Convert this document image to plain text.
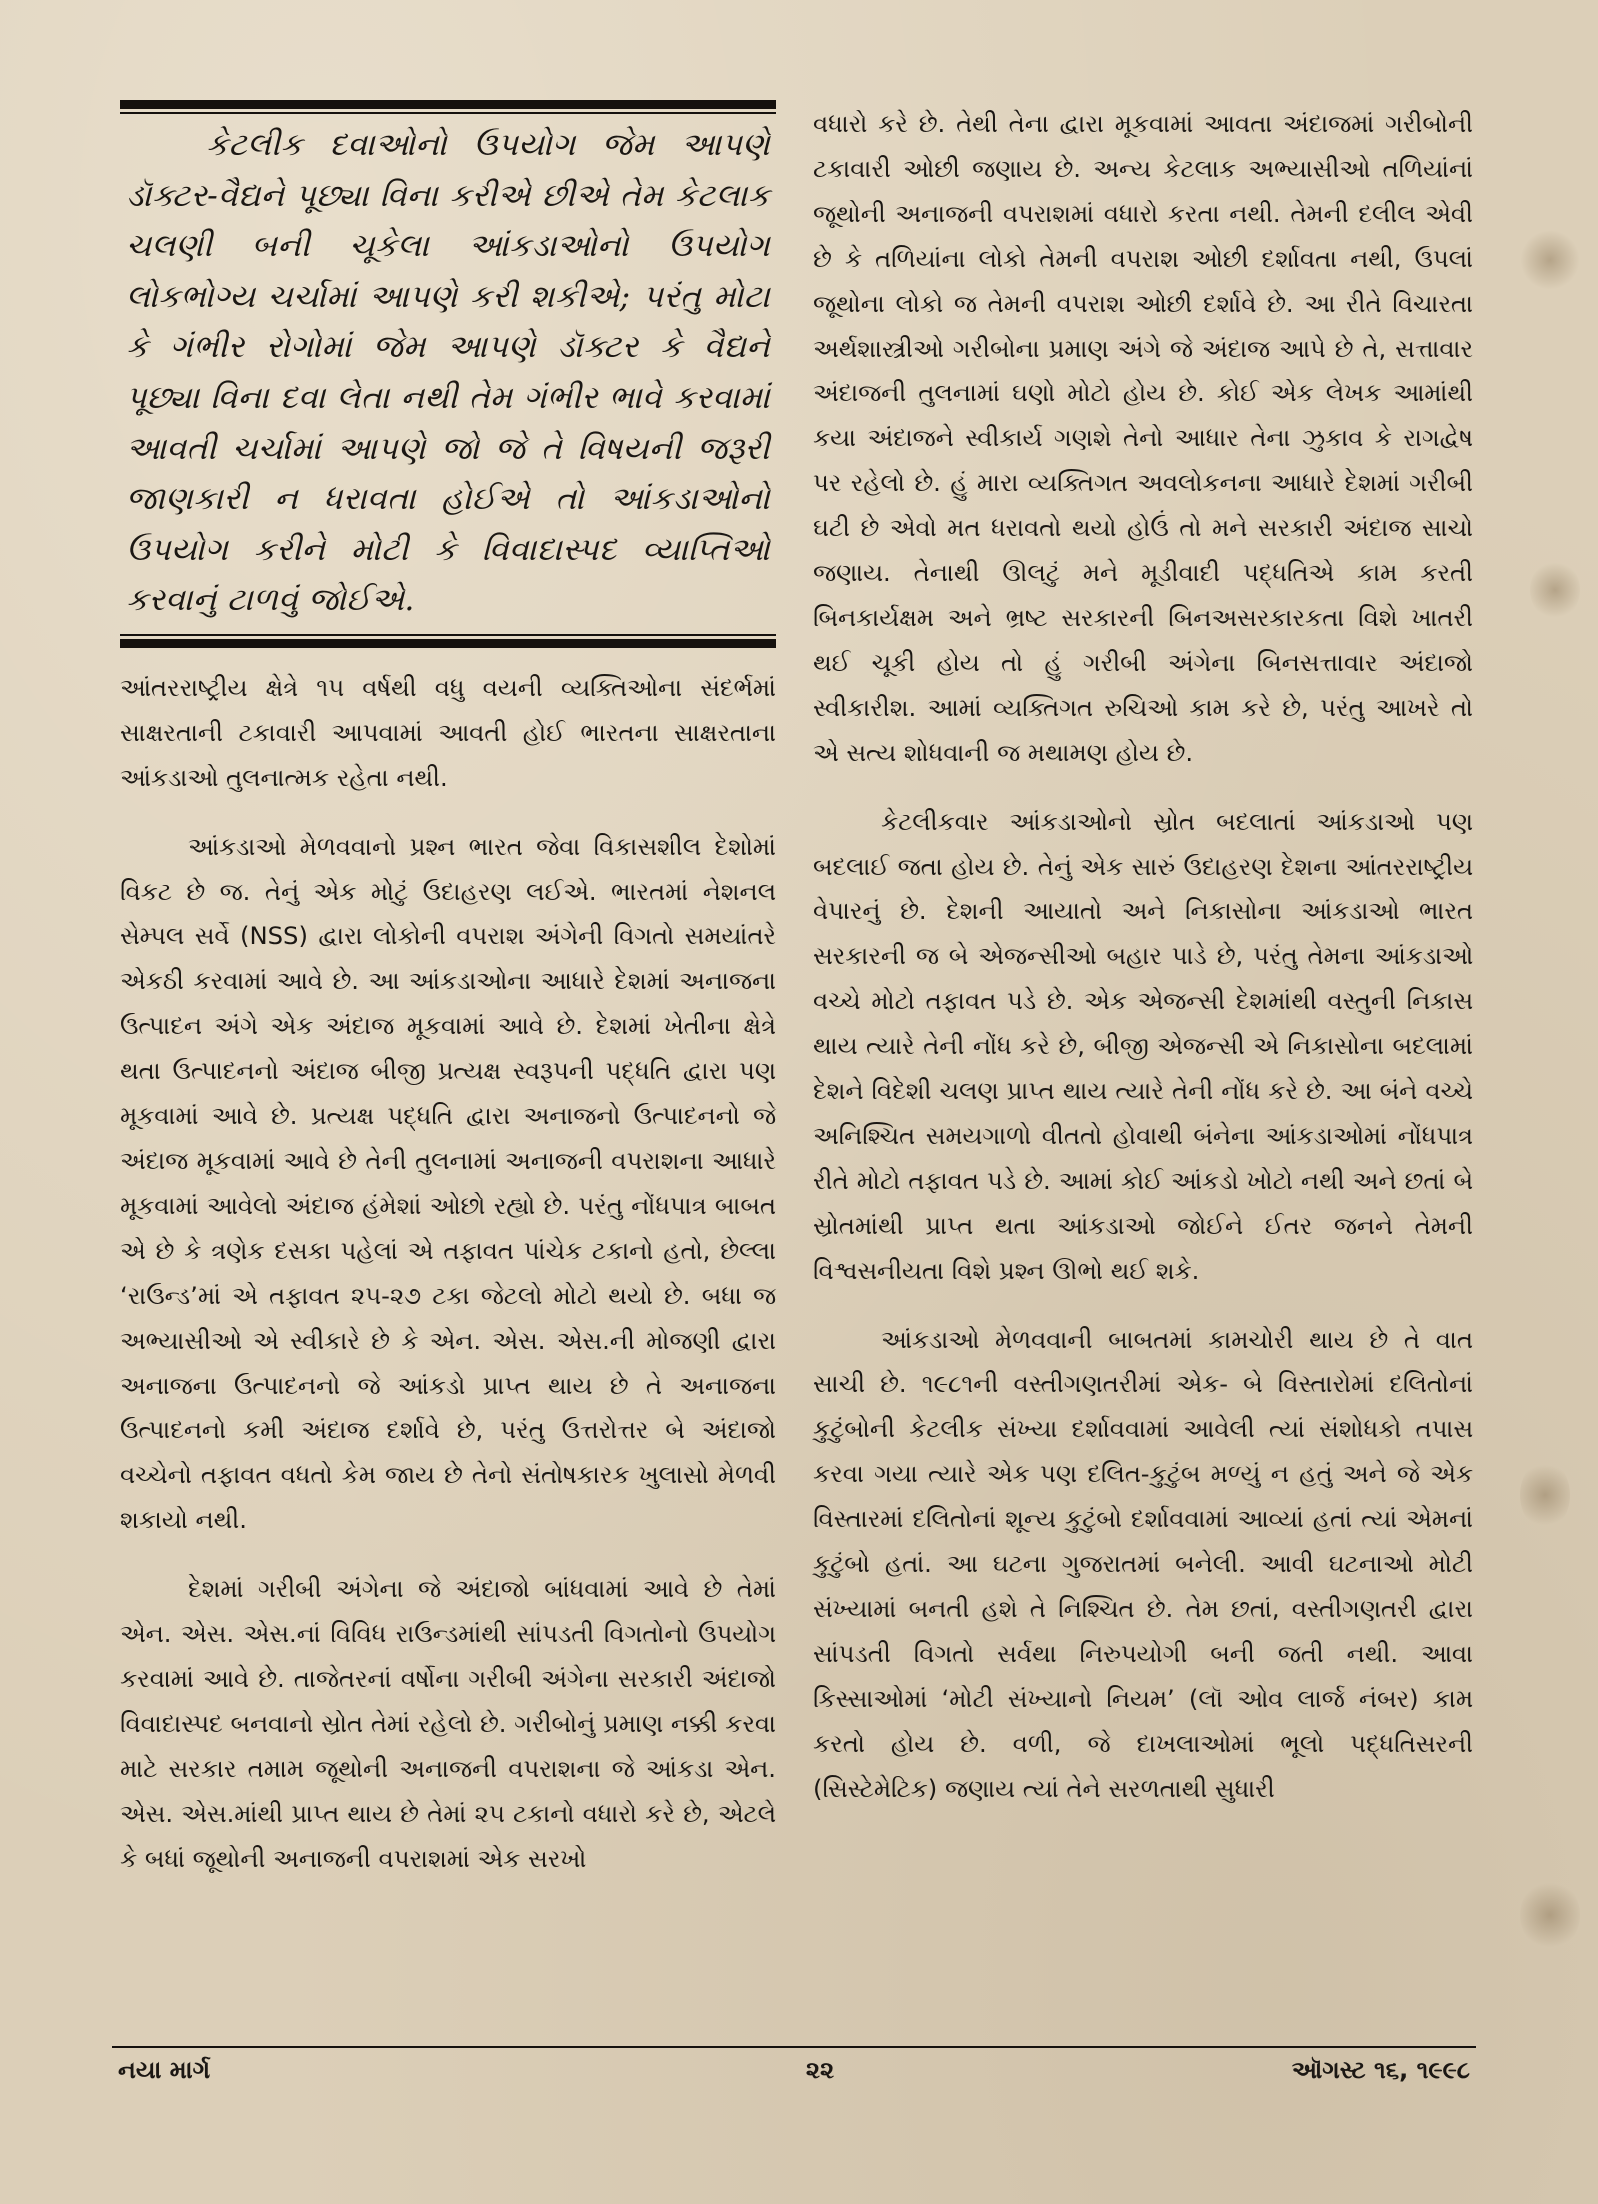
કેટલીક દવાઓનો ઉપયોગ જેમ આપણે ડૉક્ટર-વૈદ્યને પૂછ્યા વિના કરીએ છીએ તેમ કેટલાક ચલણી બની ચૂકેલા આંકડાઓનો ઉપયોગ લોકભોગ્ય ચર્ચામાં આપણે કરી શકીએ; પરંતુ મોટા કે ગંભીર રોગોમાં જેમ આપણે ડૉક્ટર કે વૈદ્યને પૂછ્યા વિના દવા લેતા નથી તેમ ગંભીર ભાવે કરવામાં આવતી ચર્ચામાં આપણે જો જે તે વિષયની જરૂરી જાણકારી ન ધરાવતા હોઈએ તો આંકડાઓનો ઉપયોગ કરીને મોટી કે વિવાદાસ્પદ વ્યાપ્તિઓ કરવાનું ટાળવું જોઈએ.

આંતરરાષ્ટ્રીય ક્ષેત્રે ૧૫ વર્ષથી વધુ વયની વ્યક્તિઓના સંદર્ભમાં સાક્ષરતાની ટકાવારી આપવામાં આવતી હોઈ ભારતના સાક્ષરતાના આંકડાઓ તુલનાત્મક રહેતા નથી.

આંકડાઓ મેળવવાનો પ્રશ્ન ભારત જેવા વિકાસશીલ દેશોમાં વિકટ છે જ. તેનું એક મોટું ઉદાહરણ લઈએ. ભારતમાં નેશનલ સેમ્પલ સર્વે (NSS) દ્વારા લોકોની વપરાશ અંગેની વિગતો સમયાંતરે એકઠી કરવામાં આવે છે. આ આંકડાઓના આધારે દેશમાં અનાજના ઉત્પાદન અંગે એક અંદાજ મૂકવામાં આવે છે. દેશમાં ખેતીના ક્ષેત્રે થતા ઉત્પાદનનો અંદાજ બીજી પ્રત્યક્ષ સ્વરૂપની પદ્ધતિ દ્વારા પણ મૂકવામાં આવે છે. પ્રત્યક્ષ પદ્ધતિ દ્વારા અનાજનો ઉત્પાદનનો જે અંદાજ મૂકવામાં આવે છે તેની તુલનામાં અનાજની વપરાશના આધારે મૂકવામાં આવેલો અંદાજ હંમેશાં ઓછો રહ્યો છે. પરંતુ નોંધપાત્ર બાબત એ છે કે ત્રણેક દસકા પહેલાં એ તફાવત પાંચેક ટકાનો હતો, છેલ્લા ‘રાઉન્ડ’માં એ તફાવત ૨૫-૨૭ ટકા જેટલો મોટો થયો છે. બધા જ અભ્યાસીઓ એ સ્વીકારે છે કે એન. એસ. એસ.ની મોજણી દ્વારા અનાજના ઉત્પાદનનો જે આંકડો પ્રાપ્ત થાય છે તે અનાજના ઉત્પાદનનો કમી અંદાજ દર્શાવે છે, પરંતુ ઉત્તરોત્તર બે અંદાજો વચ્ચેનો તફાવત વધતો કેમ જાય છે તેનો સંતોષકારક ખુલાસો મેળવી શકાયો નથી.

દેશમાં ગરીબી અંગેના જે અંદાજો બાંધવામાં આવે છે તેમાં એન. એસ. એસ.નાં વિવિધ રાઉન્ડમાંથી સાંપડતી વિગતોનો ઉપયોગ કરવામાં આવે છે. તાજેતરનાં વર્ષોના ગરીબી અંગેના સરકારી અંદાજો વિવાદાસ્પદ બનવાનો સ્રોત તેમાં રહેલો છે. ગરીબોનું પ્રમાણ નક્કી કરવા માટે સરકાર તમામ જૂથોની અનાજની વપરાશના જે આંકડા એન. એસ. એસ.માંથી પ્રાપ્ત થાય છે તેમાં ૨૫ ટકાનો વધારો કરે છે, એટલે કે બધાં જૂથોની અનાજની વપરાશમાં એક સરખો

વધારો કરે છે. તેથી તેના દ્વારા મૂકવામાં આવતા અંદાજમાં ગરીબોની ટકાવારી ઓછી જણાય છે. અન્ય કેટલાક અભ્યાસીઓ તળિયાંનાં જૂથોની અનાજની વપરાશમાં વધારો કરતા નથી. તેમની દલીલ એવી છે કે તળિયાંના લોકો તેમની વપરાશ ઓછી દર્શાવતા નથી, ઉપલાં જૂથોના લોકો જ તેમની વપરાશ ઓછી દર્શાવે છે. આ રીતે વિચારતા અર્થશાસ્ત્રીઓ ગરીબોના પ્રમાણ અંગે જે અંદાજ આપે છે તે, સત્તાવાર અંદાજની તુલનામાં ઘણો મોટો હોય છે. કોઈ એક લેખક આમાંથી કયા અંદાજને સ્વીકાર્ય ગણશે તેનો આધાર તેના ઝુકાવ કે રાગદ્વેષ પર રહેલો છે. હું મારા વ્યક્તિગત અવલોકનના આધારે દેશમાં ગરીબી ઘટી છે એવો મત ધરાવતો થયો હોઉં તો મને સરકારી અંદાજ સાચો જણાય. તેનાથી ઊલટું મને મૂડીવાદી પદ્ધતિએ કામ કરતી બિનકાર્યક્ષમ અને ભ્રષ્ટ સરકારની બિનઅસરકારકતા વિશે ખાતરી થઈ ચૂકી હોય તો હું ગરીબી અંગેના બિનસત્તાવાર અંદાજો સ્વીકારીશ. આમાં વ્યક્તિગત રુચિઓ કામ કરે છે, પરંતુ આખરે તો એ સત્ય શોધવાની જ મથામણ હોય છે.

કેટલીકવાર આંકડાઓનો સ્રોત બદલાતાં આંકડાઓ પણ બદલાઈ જતા હોય છે. તેનું એક સારું ઉદાહરણ દેશના આંતરરાષ્ટ્રીય વેપારનું છે. દેશની આયાતો અને નિકાસોના આંકડાઓ ભારત સરકારની જ બે એજન્સીઓ બહાર પાડે છે, પરંતુ તેમના આંકડાઓ વચ્ચે મોટો તફાવત પડે છે. એક એજન્સી દેશમાંથી વસ્તુની નિકાસ થાય ત્યારે તેની નોંધ કરે છે, બીજી એજન્સી એ નિકાસોના બદલામાં દેશને વિદેશી ચલણ પ્રાપ્ત થાય ત્યારે તેની નોંધ કરે છે. આ બંને વચ્ચે અનિશ્ચિત સમયગાળો વીતતો હોવાથી બંનેના આંકડાઓમાં નોંધપાત્ર રીતે મોટો તફાવત પડે છે. આમાં કોઈ આંકડો ખોટો નથી અને છતાં બે સ્રોતમાંથી પ્રાપ્ત થતા આંકડાઓ જોઈને ઈતર જનને તેમની વિશ્વસનીયતા વિશે પ્રશ્ન ઊભો થઈ શકે.

આંકડાઓ મેળવવાની બાબતમાં કામચોરી થાય છે તે વાત સાચી છે. ૧૯૮૧ની વસ્તીગણતરીમાં એક- બે વિસ્તારોમાં દલિતોનાં કુટુંબોની કેટલીક સંખ્યા દર્શાવવામાં આવેલી ત્યાં સંશોધકો તપાસ કરવા ગયા ત્યારે એક પણ દલિત-કુટુંબ મળ્યું ન હતું અને જે એક વિસ્તારમાં દલિતોનાં શૂન્ય કુટુંબો દર્શાવવામાં આવ્યાં હતાં ત્યાં એમનાં કુટુંબો હતાં. આ ઘટના ગુજરાતમાં બનેલી. આવી ઘટનાઓ મોટી સંખ્યામાં બનતી હશે તે નિશ્ચિત છે. તેમ છતાં, વસ્તીગણતરી દ્વારા સાંપડતી વિગતો સર્વથા નિરુપયોગી બની જતી નથી. આવા કિસ્સાઓમાં ‘મોટી સંખ્યાનો નિયમ’ (લૉ ઓવ લાર્જ નંબર) કામ કરતો હોય છે. વળી, જે દાખલાઓમાં ભૂલો પદ્ધતિસરની (સિસ્ટેમેટિક) જણાય ત્યાં તેને સરળતાથી સુધારી

નયા માર્ગ	૨૨	ઑગસ્ટ ૧૬, ૧૯૯૮
